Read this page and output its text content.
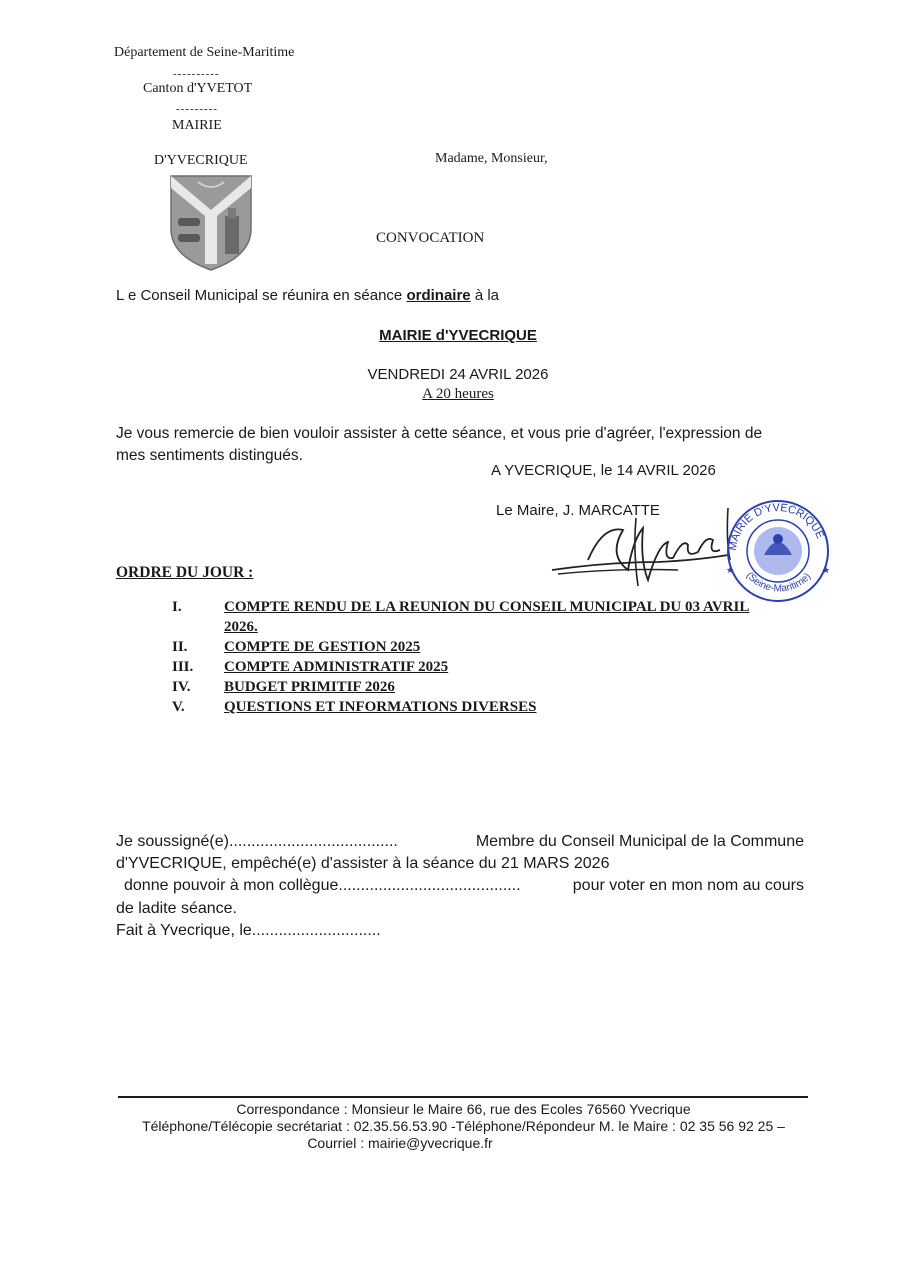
Département de Seine-Maritime
----------
Canton d'YVETOT
---------
MAIRIE
D'YVECRIQUE	Madame, Monsieur,
CONVOCATION
L e Conseil Municipal se réunira en séance ordinaire à la
MAIRIE d'YVECRIQUE
VENDREDI 24 AVRIL 2026
A 20 heures
Je vous remercie de bien vouloir assister à cette séance, et vous prie d'agréer, l'expression de
mes sentiments distingués.
A YVECRIQUE, le 14 AVRIL 2026
Le Maire, J. MARCATTE
MAIRIE D'YVECRIQUE
(Seine-Maritime)
★
★
ORDRE DU JOUR :
I.	COMPTE RENDU DE LA REUNION DU CONSEIL MUNICIPAL DU 03 AVRIL
2026.
II.	COMPTE DE GESTION 2025
III.	COMPTE ADMINISTRATIF 2025
IV.	BUDGET PRIMITIF 2026
V.	QUESTIONS ET INFORMATIONS DIVERSES
Je soussigné(e)......................................	Membre du Conseil Municipal de la Commune
d'YVECRIQUE, empêché(e) d'assister à la séance du 21 MARS 2026
donne pouvoir à mon collègue.........................................	pour voter en mon nom au cours
de ladite séance.
Fait à Yvecrique, le.............................
Correspondance : Monsieur le Maire 66, rue des Ecoles 76560 Yvecrique
Téléphone/Télécopie secrétariat : 02.35.56.53.90 -Téléphone/Répondeur M. le Maire : 02 35 56 92 25 –
Courriel : mairie@yvecrique.fr
